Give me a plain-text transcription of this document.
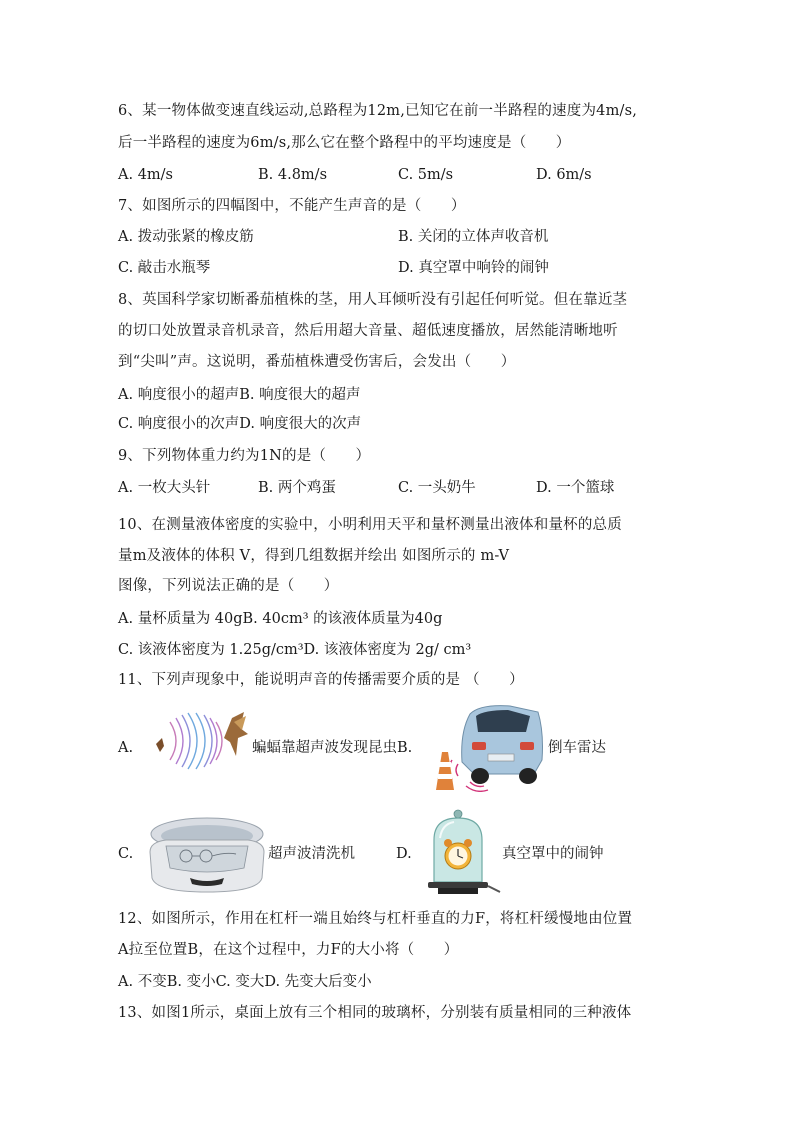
6、某一物体做变速直线运动,总路程为12m,已知它在前一半路程的速度为4m/s,
后一半路程的速度为6m/s,那么它在整个路程中的平均速度是（　　）
A. 4m/s	B. 4.8m/s	C. 5m/s	D. 6m/s
7、如图所示的四幅图中，不能产生声音的是（　　）
A. 拨动张紧的橡皮筋	B. 关闭的立体声收音机
C. 敲击水瓶琴	D. 真空罩中响铃的闹钟
8、英国科学家切断番茄植株的茎，用人耳倾听没有引起任何听觉。但在靠近茎
的切口处放置录音机录音，然后用超大音量、超低速度播放，居然能清晰地听
到“尖叫”声。这说明，番茄植株遭受伤害后，会发出（　　）
A. 响度很小的超声B. 响度很大的超声
C. 响度很小的次声D. 响度很大的次声
9、下列物体重力约为1N的是（　　）
A. 一枚大头针	B. 两个鸡蛋	C. 一头奶牛	D. 一个篮球
10、在测量液体密度的实验中，小明利用天平和量杯测量出液体和量杯的总质
量m及液体的体积 V，得到几组数据并绘出 如图所示的 m-V
图像，下列说法正确的是（　　）
A. 量杯质量为 40gB. 40cm³ 的该液体质量为40g
C. 该液体密度为 1.25g/cm³D. 该液体密度为 2g/ cm³
11、下列声现象中，能说明声音的传播需要介质的是 （　　）
A.	蝙蝠靠超声波发现昆虫B.	倒车雷达
C.	超声波清洗机	D.	真空罩中的闹钟
12、如图所示，作用在杠杆一端且始终与杠杆垂直的力F，将杠杆缓慢地由位置
A拉至位置B，在这个过程中，力F的大小将（　　）
A. 不变B. 变小C. 变大D. 先变大后变小
13、如图1所示，桌面上放有三个相同的玻璃杯，分别装有质量相同的三种液体
